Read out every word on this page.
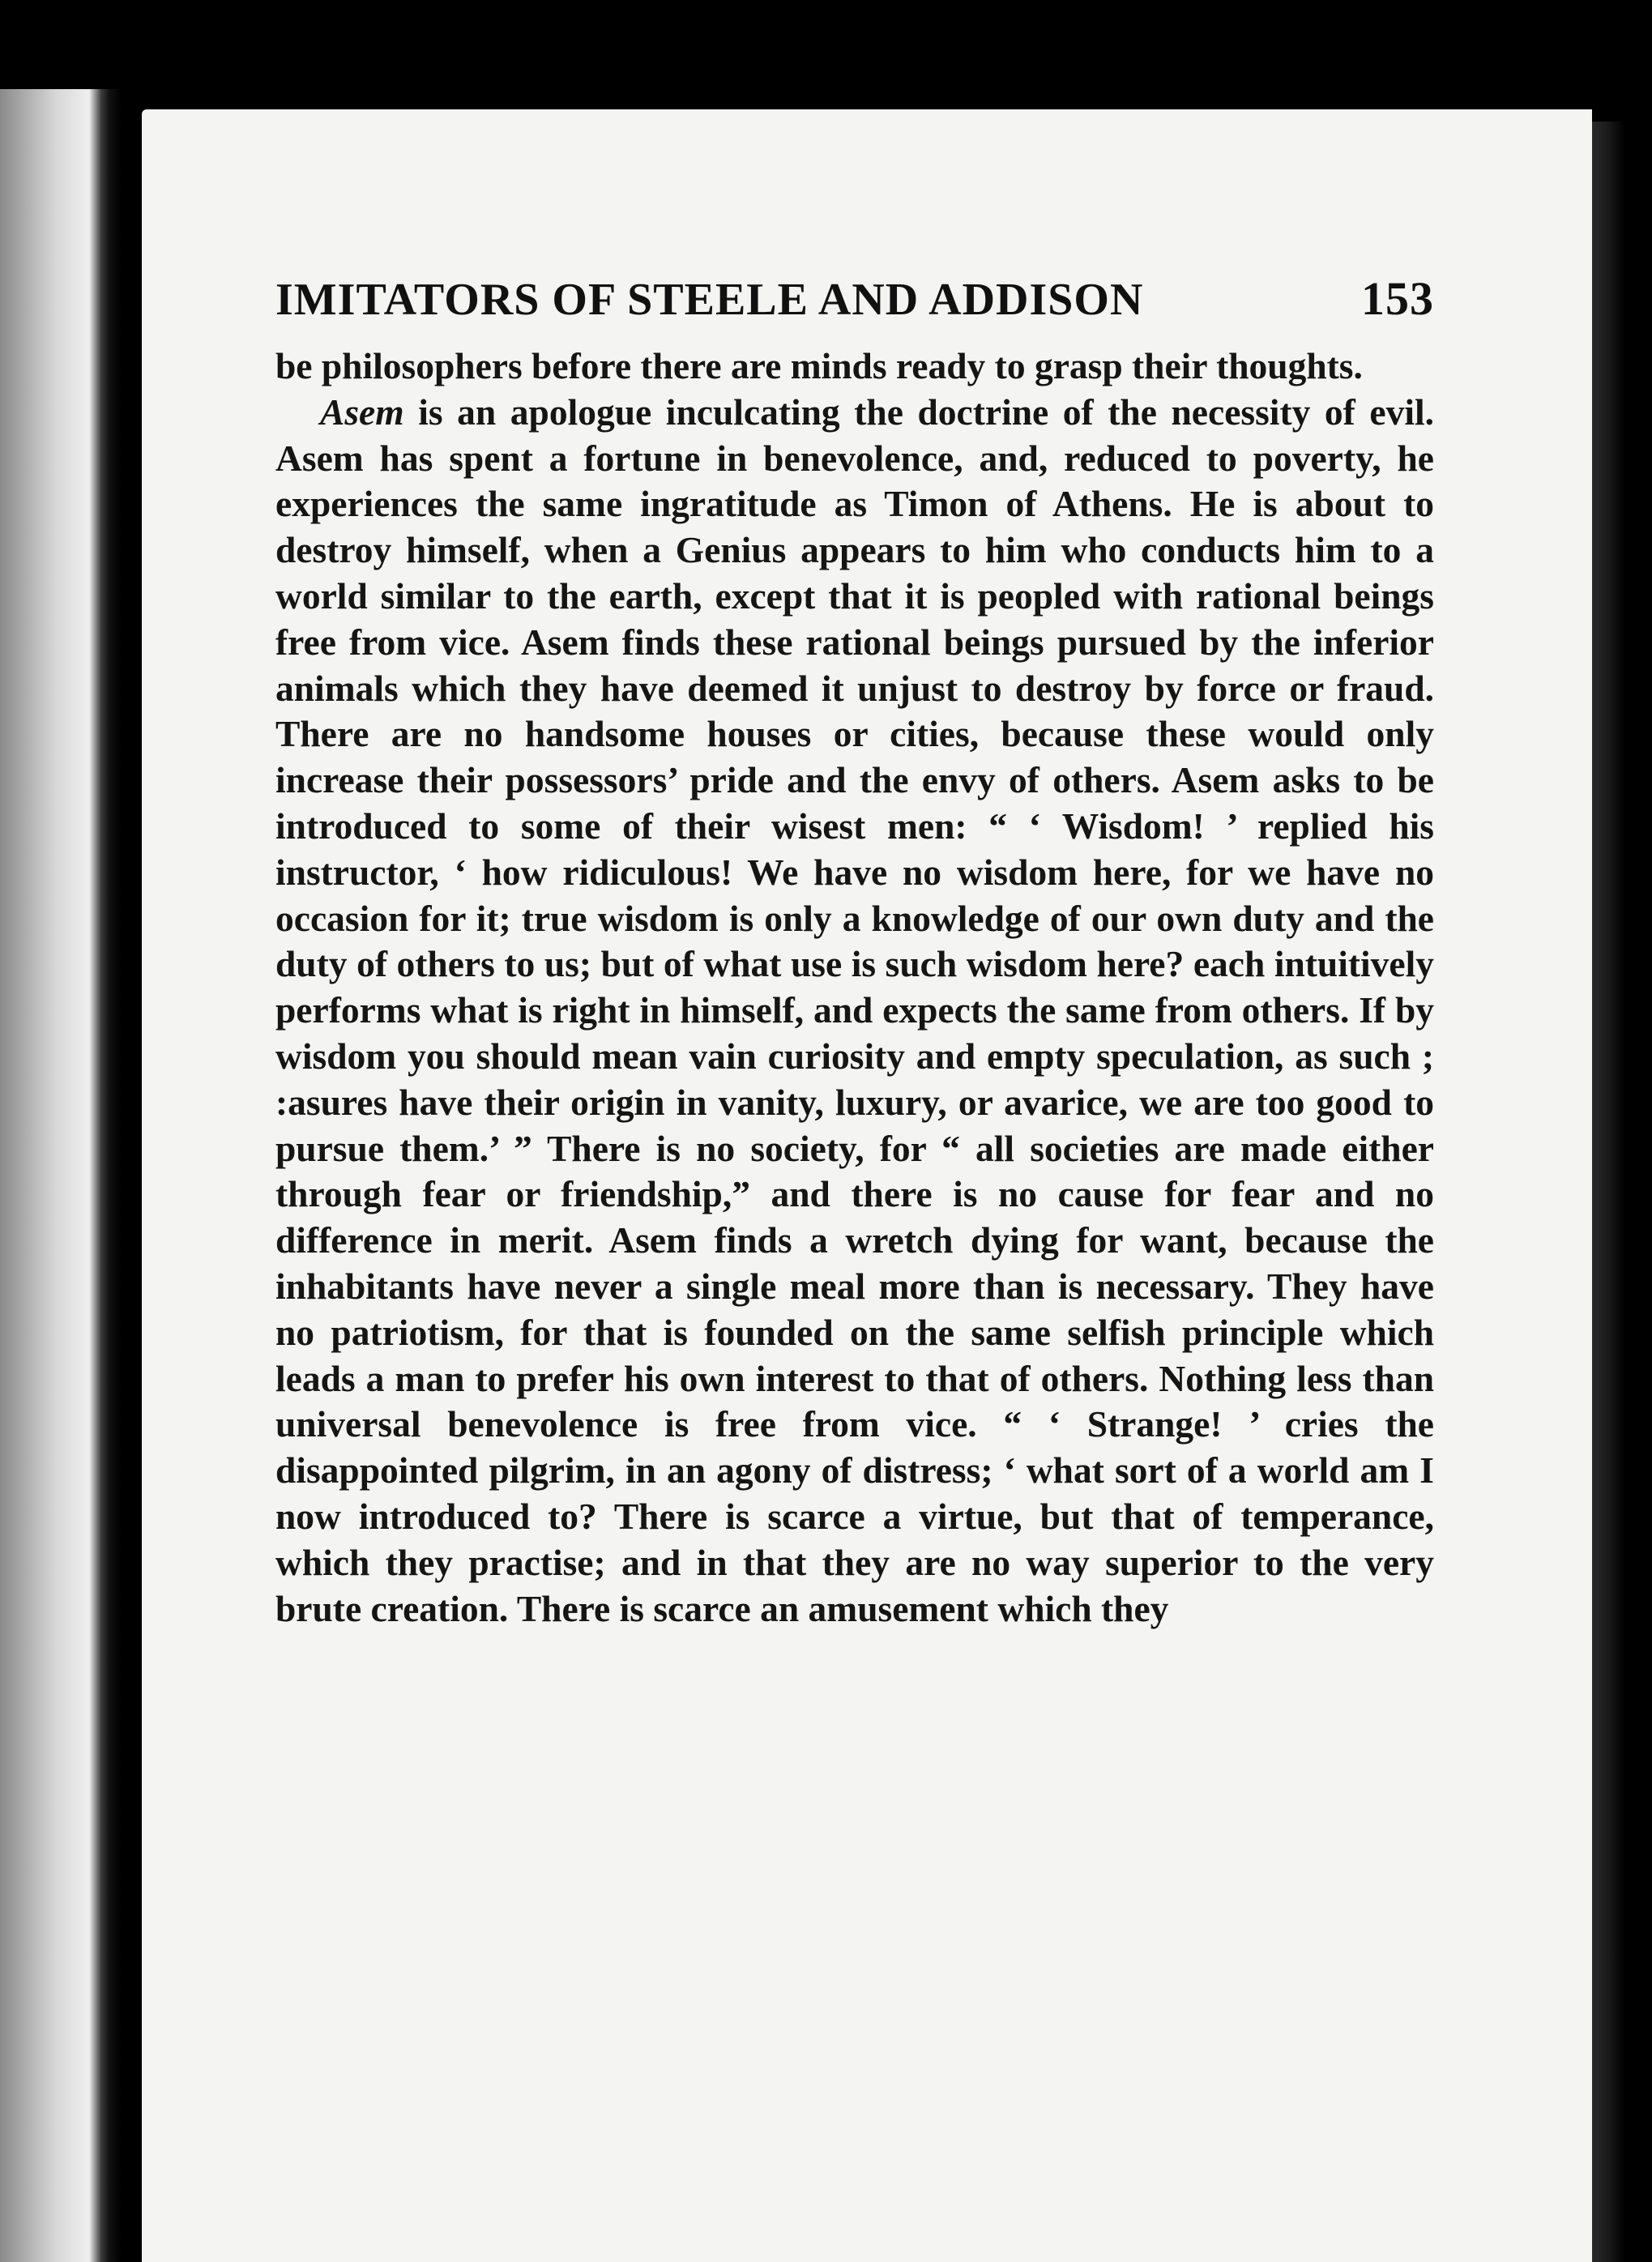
IMITATORS OF STEELE AND ADDISON	153

be philosophers before there are minds ready to grasp their thoughts.

Asem is an apologue inculcating the doctrine of the necessity of evil. Asem has spent a fortune in benevolence, and, reduced to poverty, he experiences the same ingratitude as Timon of Athens. He is about to destroy himself, when a Genius appears to him who conducts him to a world similar to the earth, except that it is peopled with rational beings free from vice. Asem finds these rational beings pursued by the inferior animals which they have deemed it unjust to destroy by force or fraud. There are no handsome houses or cities, because these would only increase their possessors’ pride and the envy of others. Asem asks to be introduced to some of their wisest men: “ ‘ Wisdom! ’ replied his instructor, ‘ how ridiculous! We have no wisdom here, for we have no occasion for it; true wisdom is only a knowledge of our own duty and the duty of others to us; but of what use is such wisdom here? each intuitively performs what is right in himself, and expects the same from others. If by wisdom you should mean vain curiosity and empty speculation, as such ; :asures have their origin in vanity, luxury, or avarice, we are too good to pursue them.’ ” There is no society, for “ all societies are made either through fear or friendship,” and there is no cause for fear and no difference in merit. Asem finds a wretch dying for want, because the inhabitants have never a single meal more than is necessary. They have no patriotism, for that is founded on the same selfish principle which leads a man to prefer his own interest to that of others. Nothing less than universal benevolence is free from vice. “ ‘ Strange! ’ cries the disappointed pilgrim, in an agony of distress; ‘ what sort of a world am I now introduced to? There is scarce a virtue, but that of temperance, which they practise; and in that they are no way superior to the very brute creation. There is scarce an amusement which they
